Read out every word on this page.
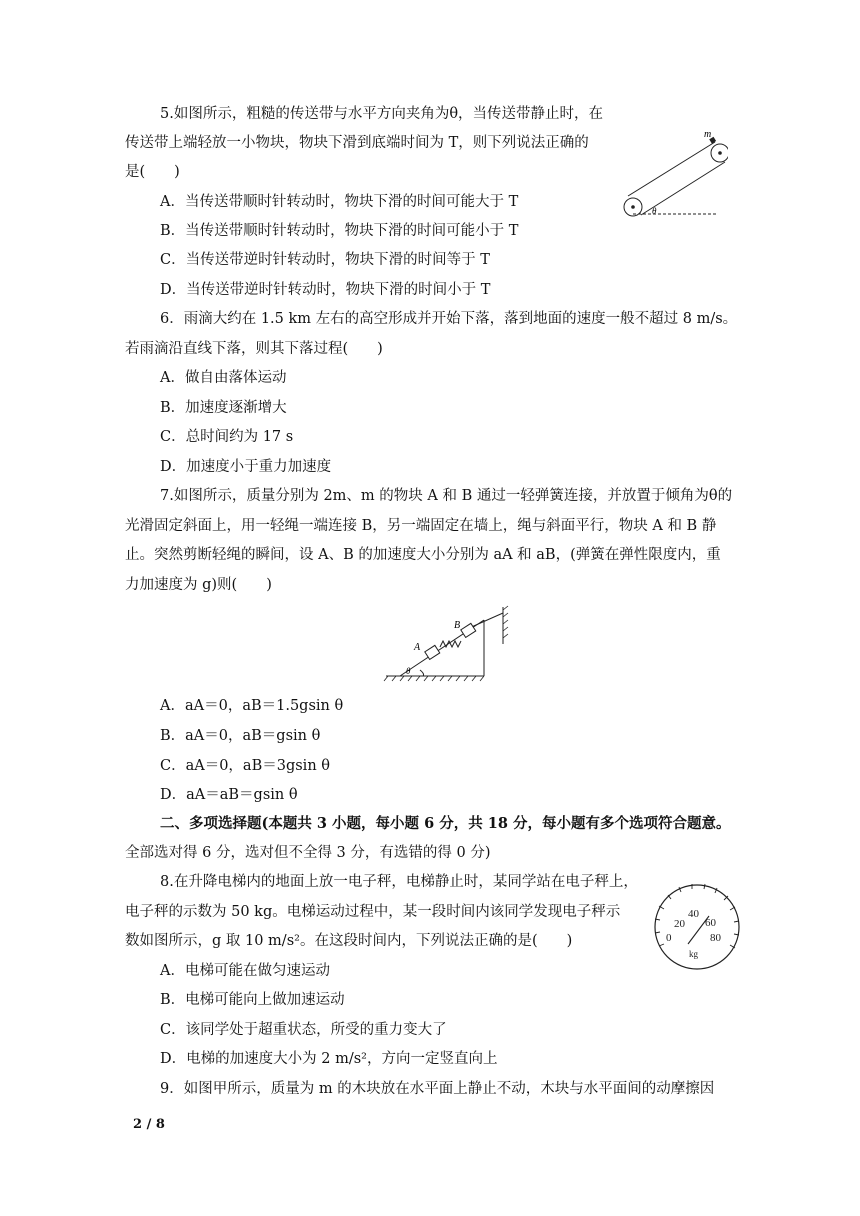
5.如图所示，粗糙的传送带与水平方向夹角为θ，当传送带静止时，在
传送带上端轻放一小物块，物块下滑到底端时间为 T，则下列说法正确的
是(　　)
A．当传送带顺时针转动时，物块下滑的时间可能大于 T
B．当传送带顺时针转动时，物块下滑的时间可能小于 T
C．当传送带逆时针转动时，物块下滑的时间等于 T
D．当传送带逆时针转动时，物块下滑的时间小于 T
m
θ
6．雨滴大约在 1.5 km 左右的高空形成并开始下落，落到地面的速度一般不超过 8 m/s。
若雨滴沿直线下落，则其下落过程(　　)
A．做自由落体运动
B．加速度逐渐增大
C．总时间约为 17 s
D．加速度小于重力加速度
7.如图所示，质量分别为 2m、m 的物块 A 和 B 通过一轻弹簧连接，并放置于倾角为θ的
光滑固定斜面上，用一轻绳一端连接 B，另一端固定在墙上，绳与斜面平行，物块 A 和 B 静
止。突然剪断轻绳的瞬间，设 A、B 的加速度大小分别为 aA 和 aB，(弹簧在弹性限度内，重
力加速度为 g)则(　　)
A
B
θ
A．aA＝0，aB＝1.5gsin θ
B．aA＝0，aB＝gsin θ
C．aA＝0，aB＝3gsin θ
D．aA＝aB＝gsin θ
二、多项选择题(本题共 3 小题，每小题 6 分，共 18 分，每小题有多个选项符合题意。
全部选对得 6 分，选对但不全得 3 分，有选错的得 0 分)
8.在升降电梯内的地面上放一电子秤，电梯静止时，某同学站在电子秤上，
电子秤的示数为 50 kg。电梯运动过程中，某一段时间内该同学发现电子秤示
数如图所示，g 取 10 m/s²。在这段时间内，下列说法正确的是(　　)
A．电梯可能在做匀速运动
B．电梯可能向上做加速运动
C．该同学处于超重状态，所受的重力变大了
D．电梯的加速度大小为 2 m/s²，方向一定竖直向上
0
20
40
60
80
kg
9．如图甲所示，质量为 m 的木块放在水平面上静止不动，木块与水平面间的动摩擦因
2 / 8
